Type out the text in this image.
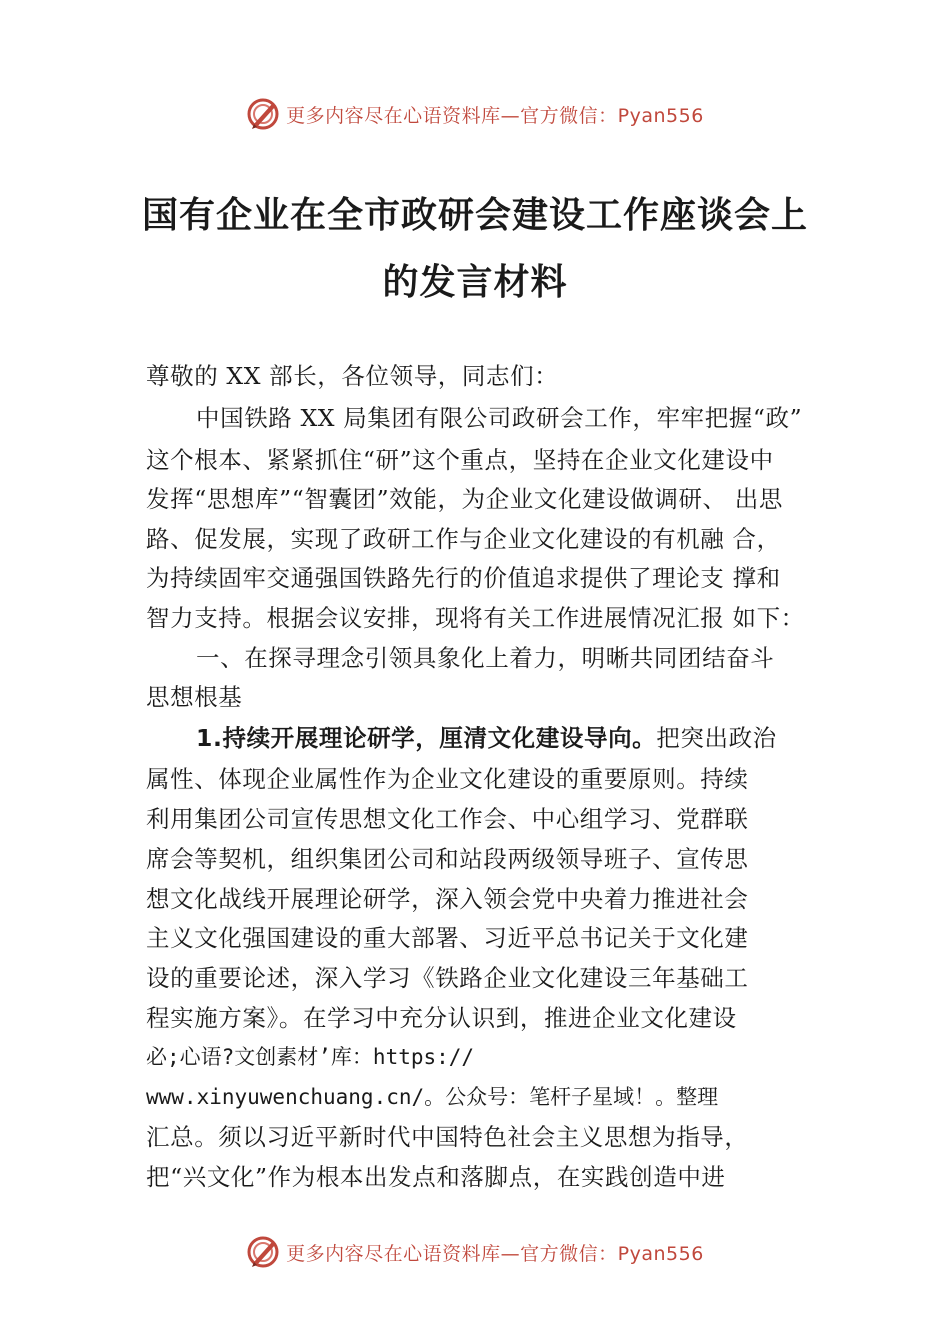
更多内容尽在心语资料库—官方微信：Pyan556
国有企业在全市政研会建设工作座谈会上
的发言材料
尊敬的 XX 部长，各位领导，同志们：
中国铁路 XX 局集团有限公司政研会工作，牢牢把握“政”
这个根本、紧紧抓住“研”这个重点，坚持在企业文化建设中
发挥“思想库”“智囊团”效能，为企业文化建设做调研、 出思
路、促发展，实现了政研工作与企业文化建设的有机融 合，
为持续固牢交通强国铁路先行的价值追求提供了理论支 撑和
智力支持。根据会议安排，现将有关工作进展情况汇报 如下：
一、在探寻理念引领具象化上着力，明晰共同团结奋斗
思想根基
1.持续开展理论研学，厘清文化建设导向。把突出政治
属性、体现企业属性作为企业文化建设的重要原则。持续
利用集团公司宣传思想文化工作会、中心组学习、党群联
席会等契机，组织集团公司和站段两级领导班子、宣传思
想文化战线开展理论研学，深入领会党中央着力推进社会
主义文化强国建设的重大部署、习近平总书记关于文化建
设的重要论述，深入学习《铁路企业文化建设三年基础工
程实施方案》。在学习中充分认识到，推进企业文化建设
必;心语?文创素材’库：https://
www.xinyuwenchuang.cn/。公众号：笔杆子星域！。整理
汇总。须以习近平新时代中国特色社会主义思想为指导，
把“兴文化”作为根本出发点和落脚点，在实践创造中进
更多内容尽在心语资料库—官方微信：Pyan556
